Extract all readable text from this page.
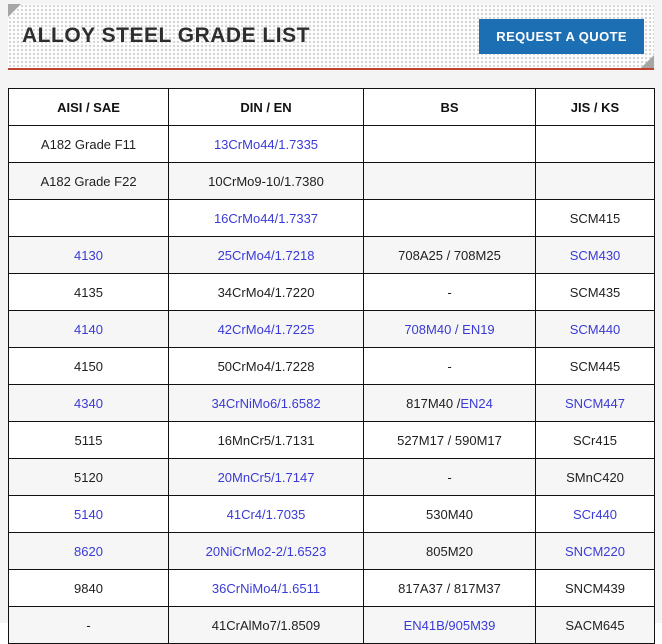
ALLOY STEEL GRADE LIST	REQUEST A QUOTE
AISI / SAE	DIN / EN	BS	JIS / KS
A182 Grade F11	13CrMo44/1.7335		
A182 Grade F22	10CrMo9-10/1.7380		
	16CrMo44/1.7337		SCM415
4130	25CrMo4/1.7218	708A25 / 708M25	SCM430
4135	34CrMo4/1.7220	-	SCM435
4140	42CrMo4/1.7225	708M40 / EN19	SCM440
4150	50CrMo4/1.7228	-	SCM445
4340	34CrNiMo6/1.6582	817M40 /EN24	SNCM447
5115	16MnCr5/1.7131	527M17 / 590M17	SCr415
5120	20MnCr5/1.7147	-	SMnC420
5140	41Cr4/1.7035	530M40	SCr440
8620	20NiCrMo2-2/1.6523	805M20	SNCM220
9840	36CrNiMo4/1.6511	817A37 / 817M37	SNCM439
-	41CrAlMo7/1.8509	EN41B/905M39	SACM645
